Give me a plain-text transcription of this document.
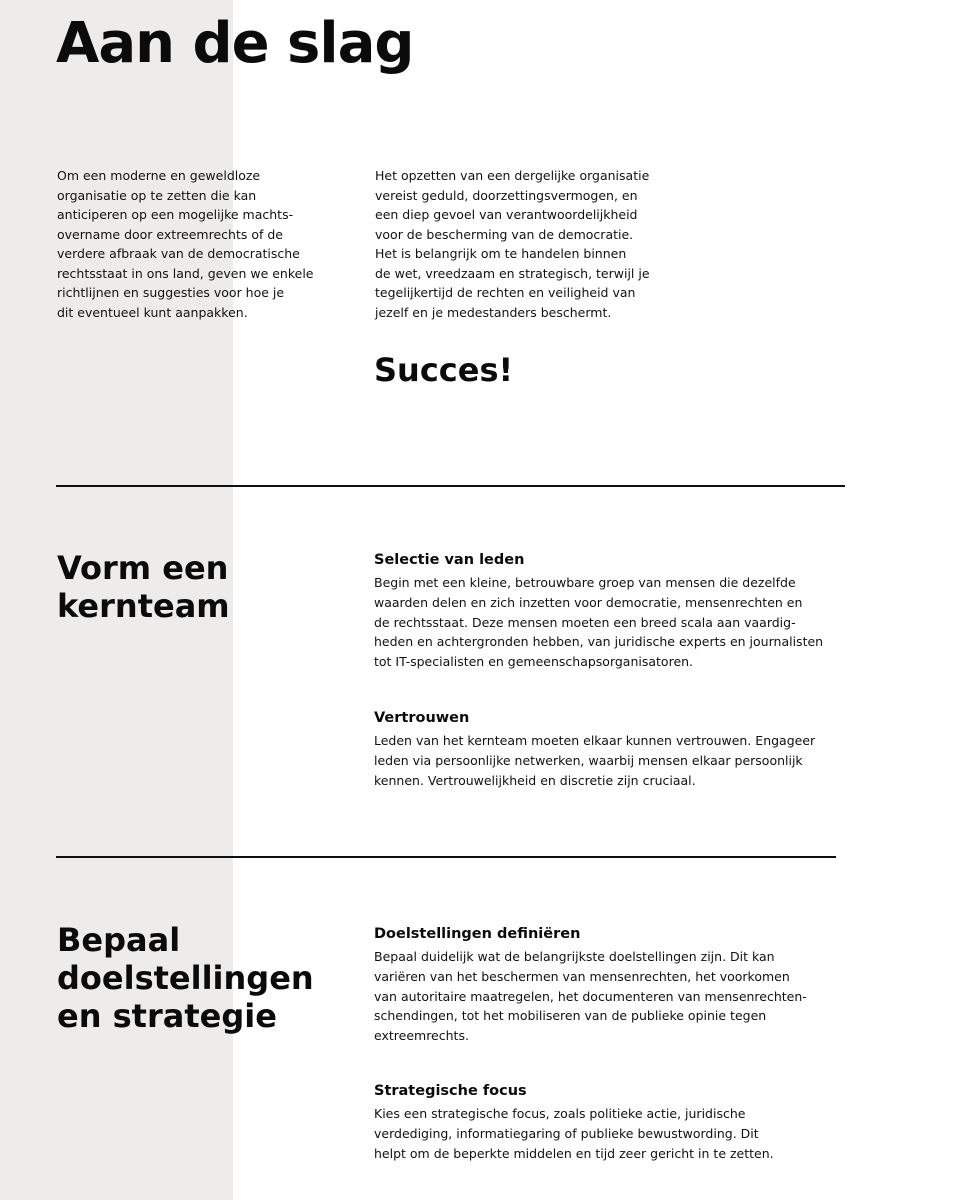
Aan de slag

Om een moderne en geweldloze
organisatie op te zetten die kan
anticiperen op een mogelijke machts-
overname door extreemrechts of de
verdere afbraak van de democratische
rechtsstaat in ons land, geven we enkele
richtlijnen en suggesties voor hoe je
dit eventueel kunt aanpakken.

Het opzetten van een dergelijke organisatie
vereist geduld, doorzettingsvermogen, en
een diep gevoel van verantwoordelijkheid
voor de bescherming van de democratie.
Het is belangrijk om te handelen binnen
de wet, vreedzaam en strategisch, terwijl je
tegelijkertijd de rechten en veiligheid van
jezelf en je medestanders beschermt.

Succes!
Vorm een
kernteam
Selectie van leden

Begin met een kleine, betrouwbare groep van mensen die dezelfde
waarden delen en zich inzetten voor democratie, mensenrechten en
de rechtsstaat. Deze mensen moeten een breed scala aan vaardig-
heden en achtergronden hebben, van juridische experts en journalisten
tot IT-specialisten en gemeenschapsorganisatoren.

Vertrouwen

Leden van het kernteam moeten elkaar kunnen vertrouwen. Engageer
leden via persoonlijke netwerken, waarbij mensen elkaar persoonlijk
kennen. Vertrouwelijkheid en discretie zijn cruciaal.

Bepaal
doelstellingen
en strategie
Doelstellingen definiëren

Bepaal duidelijk wat de belangrijkste doelstellingen zijn. Dit kan
variëren van het beschermen van mensenrechten, het voorkomen
van autoritaire maatregelen, het documenteren van mensenrechten-
schendingen, tot het mobiliseren van de publieke opinie tegen
extreemrechts.

Strategische focus

Kies een strategische focus, zoals politieke actie, juridische
verdediging, informatiegaring of publieke bewustwording. Dit
helpt om de beperkte middelen en tijd zeer gericht in te zetten.
